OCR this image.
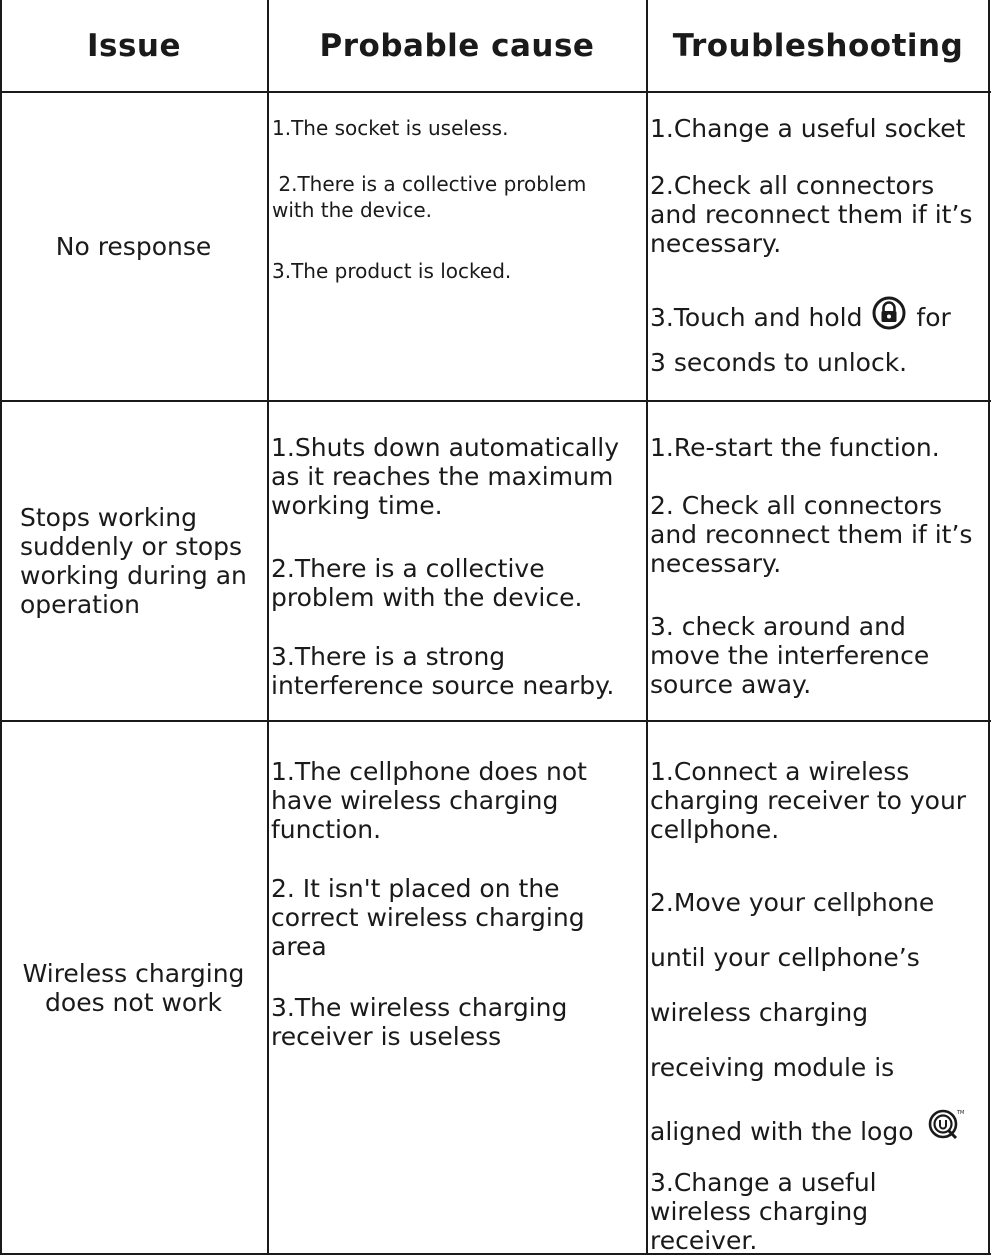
Issue	Probable cause	Troubleshooting
No response
1.The socket is useless.
2.There is a collective problem
with the device.
3.The product is locked.
1.Change a useful socket
2.Check all connectors
and reconnect them if it’s
necessary.
3.Touch and hold for
3 seconds to unlock.
Stops working
suddenly or stops
working during an
operation
1.Shuts down automatically
as it reaches the maximum
working time.
2.There is a collective
problem with the device.
3.There is a strong
interference source nearby.
1.Re-start the function.
2. Check all connectors
and reconnect them if it’s
necessary.
3. check around and
move the interference
source away.
Wireless charging
does not work
1.The cellphone does not
have wireless charging
function.
2. It isn't placed on the
correct wireless charging
area
3.The wireless charging
receiver is useless
1.Connect a wireless
charging receiver to your
cellphone.
2.Move your cellphone
until your cellphone’s
wireless charging
receiving module is
aligned with the logo
TM
3.Change a useful
wireless charging
receiver.
